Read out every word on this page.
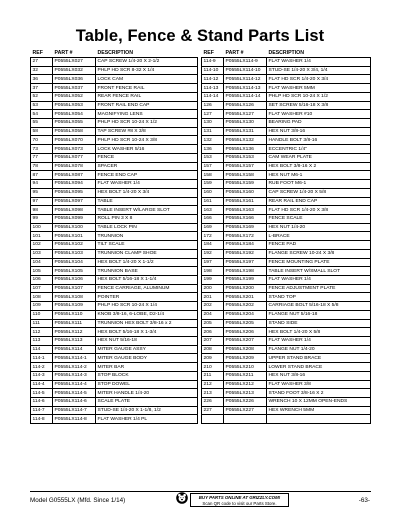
Table, Fence & Stand Parts List
REF	PART #	DESCRIPTION
27	P0555LX027	CAP SCREW 1/4-20 X 2-1/2
32	P0555LX032	PHLP HD SCR 8-32 X 1/4
36	P0555LX036	LOCK CAM
37	P0555LX037	FRONT FENCE RAIL
52	P0555LX052	REAR FENCE RAIL
53	P0555LX053	FRONT RAIL END CAP
54	P0555LX054	MAGNIFYING LENS
55	P0555LX055	PHLP HD SCR 10-24 X 1/2
58	P0555LX058	TAP SCREW #8 X 3/8
70	P0555LX070	PHLP HD SCR 10-24 X 3/8
73	P0555LX073	LOCK WASHER 5/16
77	P0555LX077	FENCE
78	P0555LX078	SPACER
87	P0555LX087	FENCE END CAP
94	P0555LX094	FLAT WASHER 1/4
95	P0555LX095	HEX BOLT 1/4-20 X 3/4
97	P0555LX097	TABLE
98	P0555LX098	TABLE INSERT W/LARGE SLOT
99	P0555LX099	ROLL PIN 3 X 8
100	P0555LX100	TABLE LOCK PIN
101	P0555LX101	TRUNNION
102	P0555LX102	TILT SCALE
103	P0555LX103	TRUNNION CLAMP SHOE
104	P0555LX104	HEX BOLT 1/4-20 X 1-1/2
105	P0555LX105	TRUNNION BASE
106	P0555LX106	HEX BOLT 5/16-18 X 1-1/4
107	P0555LX107	FENCE CARRIAGE, ALUMINUM
108	P0555LX108	POINTER
109	P0555LX109	PHLP HD SCR 10-24 X 1/4
110	P0555LX110	KNOB 3/8-16, 6-LOBE, D2-1/4
111	P0555LX111	TRUNNION HEX BOLT 3/8-16 x 2
112	P0555LX112	HEX BOLT 5/16-18 X 1-3/4
113	P0555LX113	HEX NUT 5/16-18
114	P0555LX114	MITER GAUGE ASSY
114-1	P0555LX114-1	MITER GAUGE BODY
114-2	P0555LX114-2	MITER BAR
114-3	P0555LX114-3	STOP BLOCK
114-4	P0555LX114-4	STOP DOWEL
114-5	P0555LX114-5	MITER HANDLE 1/4-20
114-6	P0555LX114-6	SCALE PLATE
114-7	P0555LX114-7	STUD-SE 1/4-20 X 1-1/8, 1/2
114-8	P0555LX114-8	FLAT WASHER 1/4 PL
REF	PART #	DESCRIPTION
114-9	P0555LX114-9	FLAT WASHER 1/4
114-10	P0555LX114-10	STUD-SE 1/4-20 X 3/4, 1/4
114-12	P0555LX114-12	FLAT HD SCR 1/4-20 X 3/4
114-13	P0555LX114-13	FLAT WASHER 5MM
114-14	P0555LX114-14	PHLP HD SCR 10-24 X 1/2
126	P0555LX126	SET SCREW 5/16-18 X 3/8
127	P0555LX127	FLAT WASHER #10
130	P0555LX130	BEARING PAD
131	P0555LX131	HEX NUT 3/8-16
132	P0555LX132	HANDLE BOLT 3/8-16
136	P0555LX136	ECCENTRIC 1/4"
153	P0555LX153	CAM WEAR PLATE
157	P0555LX157	HEX BOLT 3/8-16 X 2
158	P0555LX158	HEX NUT M6-1
159	P0555LX159	RUB FOOT M6-1
160	P0555LX160	CAP SCREW 1/4-20 X 5/8
161	P0555LX161	REAR RAIL END CAP
163	P0555LX163	FLAT HD SCR 1/4-20 X 3/8
166	P0555LX166	FENCE SCALE
169	P0555LX169	HEX NUT 1/4-20
172	P0555LX172	L-BRACE
184	P0555LX184	FENCE PAD
192	P0555LX192	FLANGE SCREW 10-24 X 3/8
197	P0555LX197	FENCE MOUNTING PLATE
198	P0555LX198	TABLE INSERT W/SMALL SLOT
199	P0555LX199	FLAT WASHER 1/4
200	P0555LX200	FENCE ADJUSTMENT PLATE
201	P0555LX201	STAND TOP
202	P0555LX202	CARRIAGE BOLT 5/16-18 X 5/8
204	P0555LX204	FLANGE NUT 5/16-18
205	P0555LX205	STAND SIDE
206	P0555LX206	HEX BOLT 1/4-20 X 5/8
207	P0555LX207	FLAT WASHER 1/4
208	P0555LX208	FLANGE NUT 1/4-20
209	P0555LX209	UPPER STAND BRACE
210	P0555LX210	LOWER STAND BRACE
211	P0555LX211	HEX NUT 3/8-16
212	P0555LX212	FLAT WASHER 3/8
213	P0555LX213	STAND FOOT 3/8-16 X 2
226	P0555LX226	WRENCH 10 X 12MM OPEN-ENDS
227	P0555LX227	HEX WRENCH 5MM

Model G0555LX (Mfd. Since 1/14)	BUY PARTS ONLINE AT GRIZZLY.COM!
Scan QR code to visit our Parts Store.	-63-
